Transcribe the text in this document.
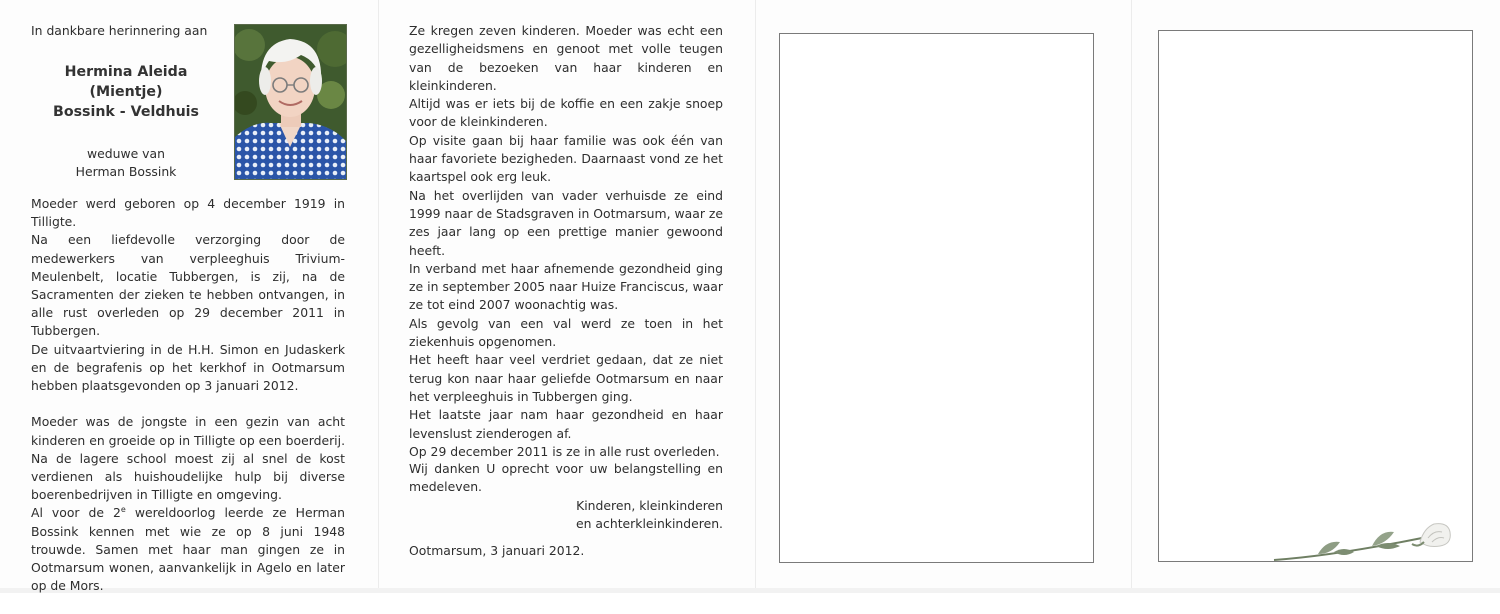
In dankbare herinnering aan
Hermina Aleida
(Mientje)
Bossink - Veldhuis
weduwe van
Herman Bossink

Moeder werd geboren op 4 december 1919 in Tilligte.
Na een liefdevolle verzorging door de medewerkers van verpleeghuis Trivium-Meulenbelt, locatie Tubbergen, is zij, na de Sacramenten der zieken te hebben ontvangen, in alle rust overleden op 29 december 2011 in Tubbergen.
De uitvaartviering in de H.H. Simon en Judaskerk en de begrafenis op het kerkhof in Ootmarsum hebben plaatsgevonden op 3 januari 2012.

Moeder was de jongste in een gezin van acht kinderen en groeide op in Tilligte op een boerderij. Na de lagere school moest zij al snel de kost verdienen als huishoudelijke hulp bij diverse boerenbedrijven in Tilligte en omgeving.
Al voor de 2e wereldoorlog leerde ze Herman Bossink kennen met wie ze op 8 juni 1948 trouwde. Samen met haar man gingen ze in Ootmarsum wonen, aanvankelijk in Agelo en later op de Mors.

Ze kregen zeven kinderen. Moeder was echt een gezelligheidsmens en genoot met volle teugen van de bezoeken van haar kinderen en kleinkinderen.

Altijd was er iets bij de koffie en een zakje snoep voor de kleinkinderen.

Op visite gaan bij haar familie was ook één van haar favoriete bezigheden. Daarnaast vond ze het kaartspel ook erg leuk.

Na het overlijden van vader verhuisde ze eind 1999 naar de Stadsgraven in Ootmarsum, waar ze zes jaar lang op een prettige manier gewoond heeft.

In verband met haar afnemende gezondheid ging ze in september 2005 naar Huize Franciscus, waar ze tot eind 2007 woonachtig was.

Als gevolg van een val werd ze toen in het ziekenhuis opgenomen.

Het heeft haar veel verdriet gedaan, dat ze niet terug kon naar haar geliefde Ootmarsum en naar het verpleeghuis in Tubbergen ging.

Het laatste jaar nam haar gezondheid en haar levenslust zienderogen af.

Op 29 december 2011 is ze in alle rust overleden.

Wij danken U oprecht voor uw belangstelling en medeleven.
Kinderen, kleinkinderen
en achterkleinkinderen.
Ootmarsum, 3 januari 2012.
